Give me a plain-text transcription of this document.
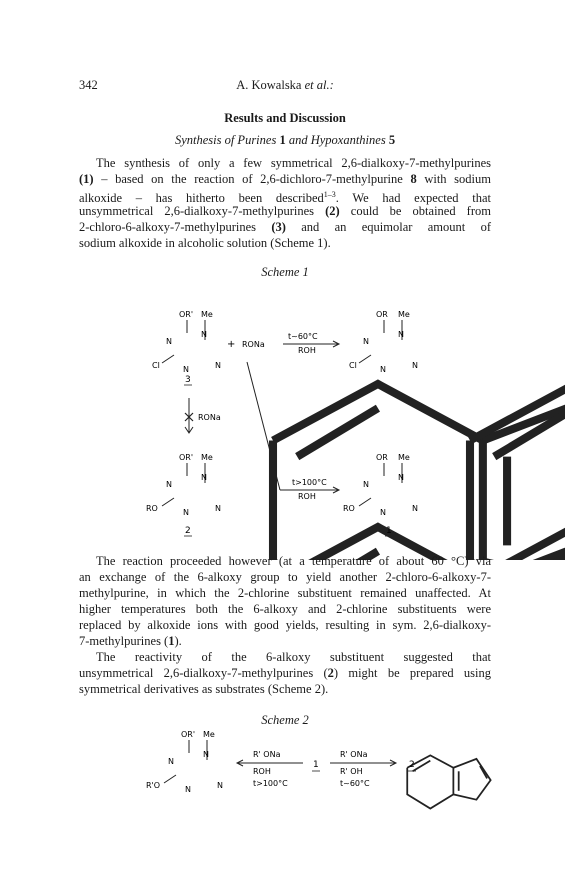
342	A. Kowalska et al.:
Results and Discussion
Synthesis of Purines 1 and Hypoxanthines 5
The synthesis of only a few symmetrical 2,6-dialkoxy-7-methylpurines
(1) – based on the reaction of 2,6-dichloro-7-methylpurine 8 with sodium
alkoxide – has hitherto been described$^{1-3}$. We had expected that
unsymmetrical 2,6-dialkoxy-7-methylpurines (2) could be obtained from
2-chloro-6-alkoxy-7-methylpurines (3) and an equimolar amount of
sodium alkoxide in alcoholic solution (Scheme 1).
Scheme 1
OR' Me
N
N
N	N
Cl
3
+ RONa
t~60°C
ROH
OR Me
N
N
N	N
Cl
RONa
t>100°C
ROH
OR' Me
N
N
N	N
RO
2
OR Me
N
N
N	N
RO
1
The reaction proceeded however (at a temperature of about 60 °C) via
an exchange of the 6-alkoxy group to yield another 2-chloro-6-alkoxy-7-
methylpurine, in which the 2-chlorine substituent remained unaffected. At
higher temperatures both the 6-alkoxy and 2-chlorine substituents were
replaced by alkoxide ions with good yields, resulting in sym. 2,6-dialkoxy-
7-methylpurines (1).
The reactivity of the 6-alkoxy substituent suggested that
unsymmetrical 2,6-dialkoxy-7-methylpurines (2) might be prepared using
symmetrical derivatives as substrates (Scheme 2).
Scheme 2
OR' Me
N
N
N	N
R'O
R' ONa
ROH
t>100°C
1
R' ONa
R' OH
t~60°C
2
